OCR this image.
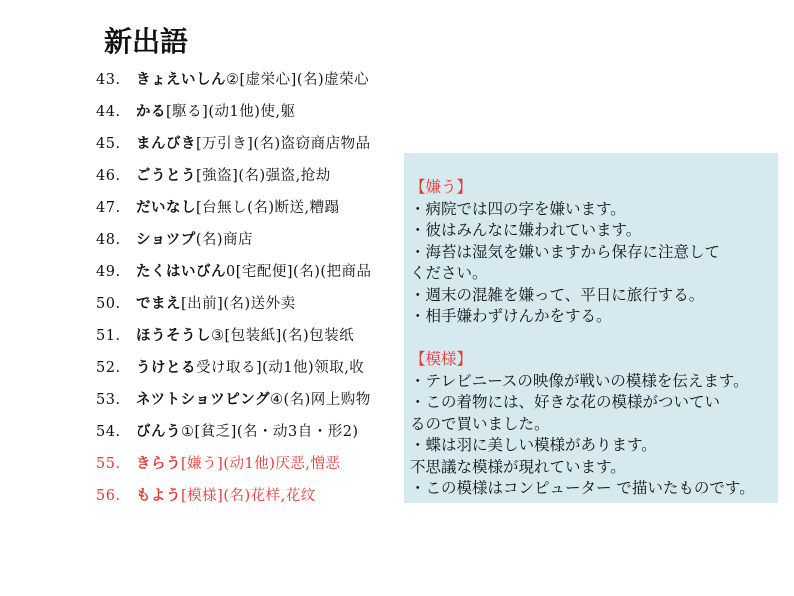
新出語
43. きょえいしん②[虚栄心](名)虚荣心
44. かる[駆る](动1他)使,躯
45. まんびき[万引き](名)盗窃商店物品
46. ごうとう[強盗](名)强盗,抢劫
47. だいなし[台無し(名)断送,糟蹋
48. ショツプ(名)商店
49. たくはいびん0[宅配便](名)(把商品
50. でまえ[出前](名)送外卖
51. ほうそうし③[包装紙](名)包装纸
52. うけとる受け取る](动1他)领取,收
53. ネツトショツピング④(名)网上购物
54. びんう①[貧乏](名・动3自・形2)
55. きらう[嫌う](动1他)厌恶,憎恶
56. もよう[模様](名)花样,花纹
【嫌う】
・病院では四の字を嫌います。
・彼はみんなに嫌われています。
・海苔は湿気を嫌いますから保存に注意して
ください。
・週末の混雑を嫌って、平日に旅行する。
・相手嫌わずけんかをする。
【模様】
・テレビニースの映像が戦いの模様を伝えます。
・この着物には、好きな花の模様がついてい
るので買いました。
・蝶は羽に美しい模様があります。
不思議な模様が現れています。
・この模様はコンピューター で描いたものです。
